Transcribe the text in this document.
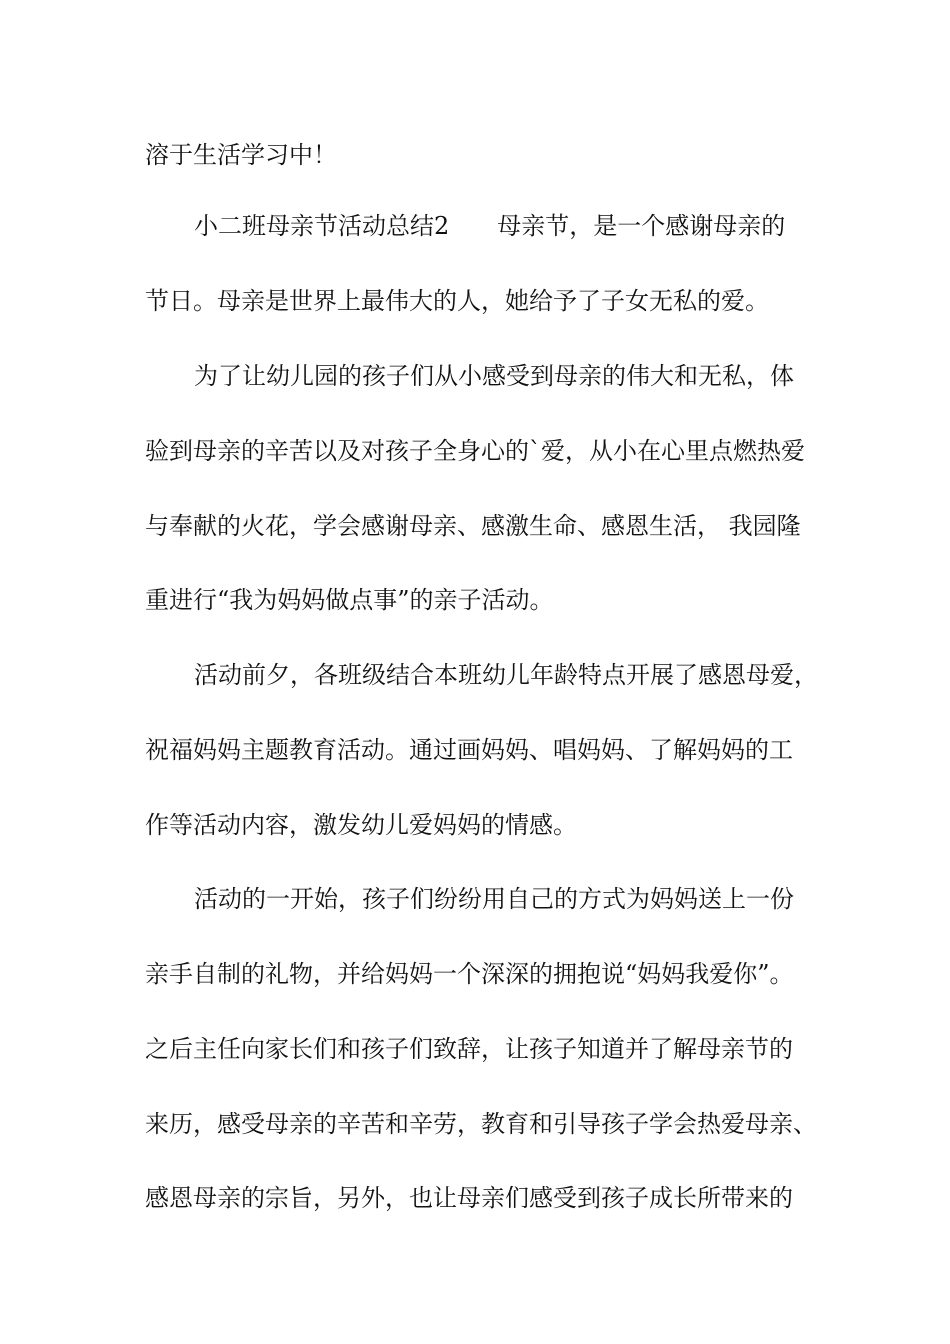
溶于生活学习中！
小二班母亲节活动总结2 母亲节，是一个感谢母亲的
节日。母亲是世界上最伟大的人，她给予了子女无私的爱。
为了让幼儿园的孩子们从小感受到母亲的伟大和无私，体
验到母亲的辛苦以及对孩子全身心的`爱，从小在心里点燃热爱
与奉献的火花，学会感谢母亲、感激生命、感恩生活， 我园隆
重进行“我为妈妈做点事”的亲子活动。
活动前夕，各班级结合本班幼儿年龄特点开展了感恩母爱，
祝福妈妈主题教育活动。通过画妈妈、唱妈妈、了解妈妈的工
作等活动内容，激发幼儿爱妈妈的情感。
活动的一开始，孩子们纷纷用自己的方式为妈妈送上一份
亲手自制的礼物，并给妈妈一个深深的拥抱说“妈妈我爱你”。
之后主任向家长们和孩子们致辞，让孩子知道并了解母亲节的
来历，感受母亲的辛苦和辛劳，教育和引导孩子学会热爱母亲、
感恩母亲的宗旨，另外，也让母亲们感受到孩子成长所带来的
